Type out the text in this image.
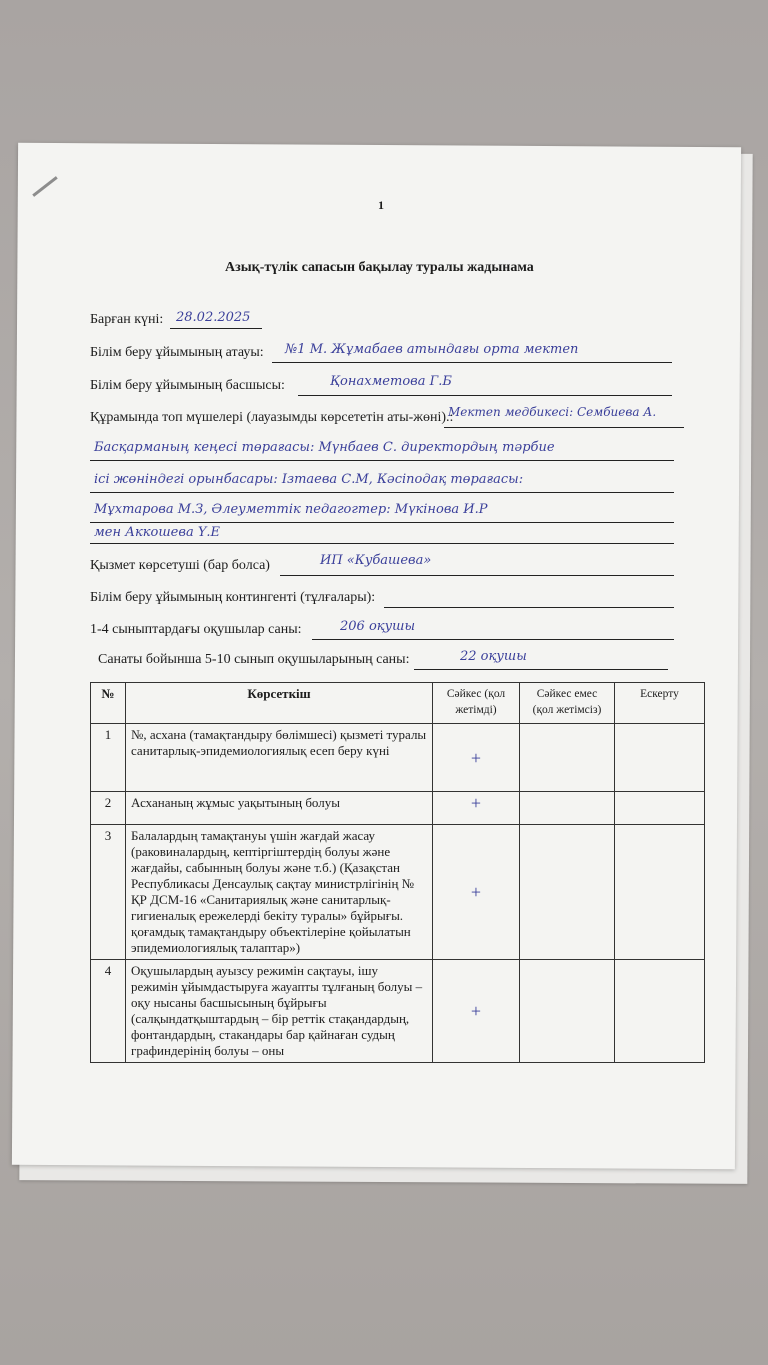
1
Азық-түлік сапасын бақылау туралы жадынама
Барған күні: 28.02.2025
Білім беру ұйымының атауы: №1 М. Жұмабаев атындағы орта мектеп
Білім беру ұйымының басшысы:	Қонахметова Г.Б
Құрамында топ мүшелері (лауазымды көрсететін аты-жөні).:
Мектеп медбикесі: Сембиева А.
Басқарманың кеңесі төрағасы: Мүнбаев С. директордың тәрбие
ісі жөніндегі орынбасары: Ізтаева С.М, Кәсіподақ төрағасы:
Мұхтарова М.З, Әлеуметтік педагогтер: Мүкінова И.Р
мен Аккошева Ү.Е
Қызмет көрсетуші (бар болса)	ИП «Кубашева»
Білім беру ұйымының контингенті (тұлғалары):
1-4 сыныптардағы оқушылар саны:	206 оқушы
Санаты бойынша 5-10 сынып оқушыларының саны:	22 оқушы
№	Көрсеткіш	Сәйкес (қол жетімді)	Сәйкес емес (қол жетімсіз)	Ескерту
1	№, асхана (тамақтандыру бөлімшесі) қызметі туралы санитарлық-эпидемиологиялық есеп беру күні	+		
2	Асхананың жұмыс уақытының болуы	+		
3	Балалардың тамақтануы үшін жағдай жасау (раковиналардың, кептіргіштердің болуы және жағдайы, сабынның болуы және т.б.) (Қазақстан Республикасы Денсаулық сақтау министрлігінің № ҚР ДСМ-16 «Санитариялық және санитарлық-гигиеналық ережелерді бекіту туралы» бұйрығы. қоғамдық тамақтандыру объектілеріне қойылатын эпидемиологиялық талаптар»)	+		
4	Оқушылардың ауызсу режимін сақтауы, ішу режимін ұйымдастыруға жауапты тұлғаның болуы – оқу нысаны басшысының бұйрығы (салқындатқыштардың – бір реттік стақандардың, фонтандардың, стакандары бар қайнаған судың графиндерінің болуы – оны	+		
